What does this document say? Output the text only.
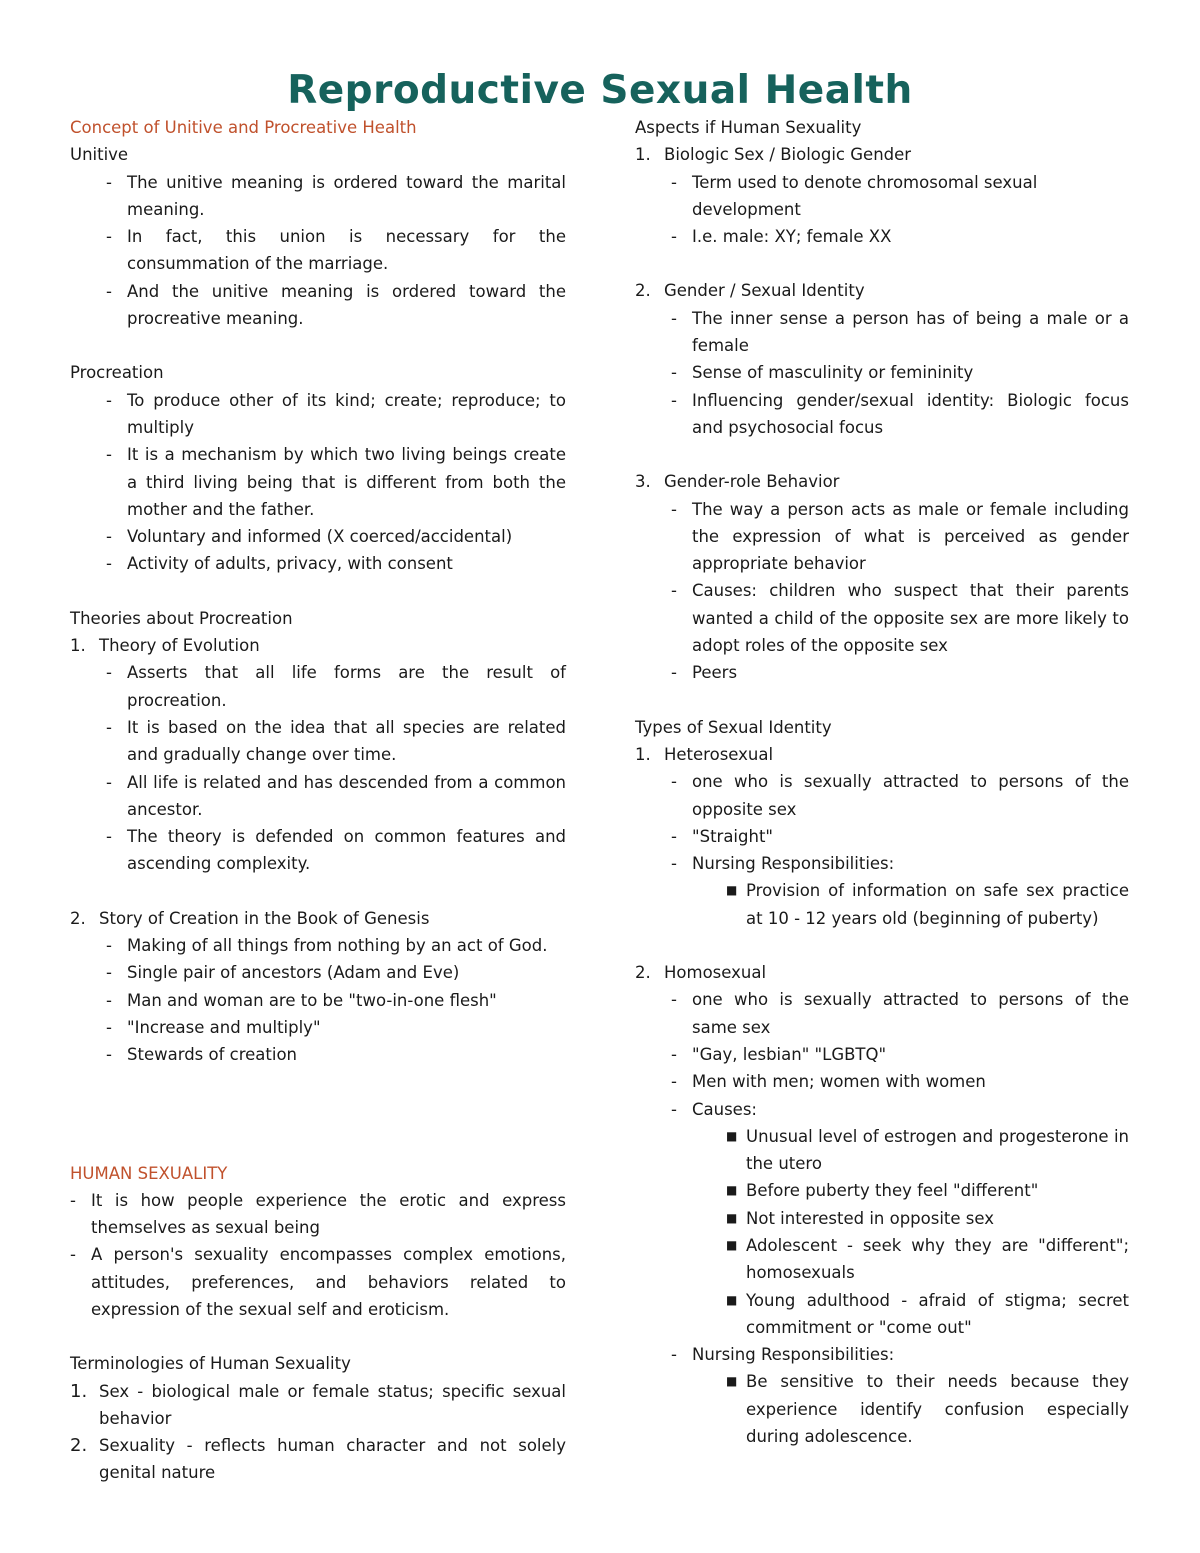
Reproductive Sexual Health

Concept of Unitive and Procreative Health

Unitive

- The unitive meaning is ordered toward the marital meaning.
- In fact, this union is necessary for the consummation of the marriage.
- And the unitive meaning is ordered toward the procreative meaning.

Procreation

- To produce other of its kind; create; reproduce; to multiply
- It is a mechanism by which two living beings create a third living being that is different from both the mother and the father.
- Voluntary and informed (X coerced/accidental)
- Activity of adults, privacy, with consent

Theories about Procreation

1. Theory of Evolution
- Asserts that all life forms are the result of procreation.
- It is based on the idea that all species are related and gradually change over time.
- All life is related and has descended from a common ancestor.
- The theory is defended on common features and ascending complexity.
2. Story of Creation in the Book of Genesis
- Making of all things from nothing by an act of God.
- Single pair of ancestors (Adam and Eve)
- Man and woman are to be "two-in-one flesh"
- "Increase and multiply"
- Stewards of creation

HUMAN SEXUALITY

- It is how people experience the erotic and express themselves as sexual being
- A person's sexuality encompasses complex emotions, attitudes, preferences, and behaviors related to expression of the sexual self and eroticism.

Terminologies of Human Sexuality

1. Sex - biological male or female status; specific sexual behavior
2. Sexuality - reflects human character and not solely genital nature

Aspects if Human Sexuality

1. Biologic Sex / Biologic Gender
- Term used to denote chromosomal sexual development
- I.e. male: XY; female XX
2. Gender / Sexual Identity
- The inner sense a person has of being a male or a female
- Sense of masculinity or femininity
- Influencing gender/sexual identity: Biologic focus and psychosocial focus
3. Gender-role Behavior
- The way a person acts as male or female including the expression of what is perceived as gender appropriate behavior
- Causes: children who suspect that their parents wanted a child of the opposite sex are more likely to adopt roles of the opposite sex
- Peers

Types of Sexual Identity

1. Heterosexual
- one who is sexually attracted to persons of the opposite sex
- "Straight"
- Nursing Responsibilities:
■ Provision of information on safe sex practice at 10 - 12 years old (beginning of puberty)
2. Homosexual
- one who is sexually attracted to persons of the same sex
- "Gay, lesbian" "LGBTQ"
- Men with men; women with women
- Causes:
■ Unusual level of estrogen and progesterone in the utero
■ Before puberty they feel "different"
■ Not interested in opposite sex
■ Adolescent - seek why they are "different"; homosexuals
■ Young adulthood - afraid of stigma; secret commitment or "come out"
- Nursing Responsibilities:
■ Be sensitive to their needs because they experience identify confusion especially during adolescence.
